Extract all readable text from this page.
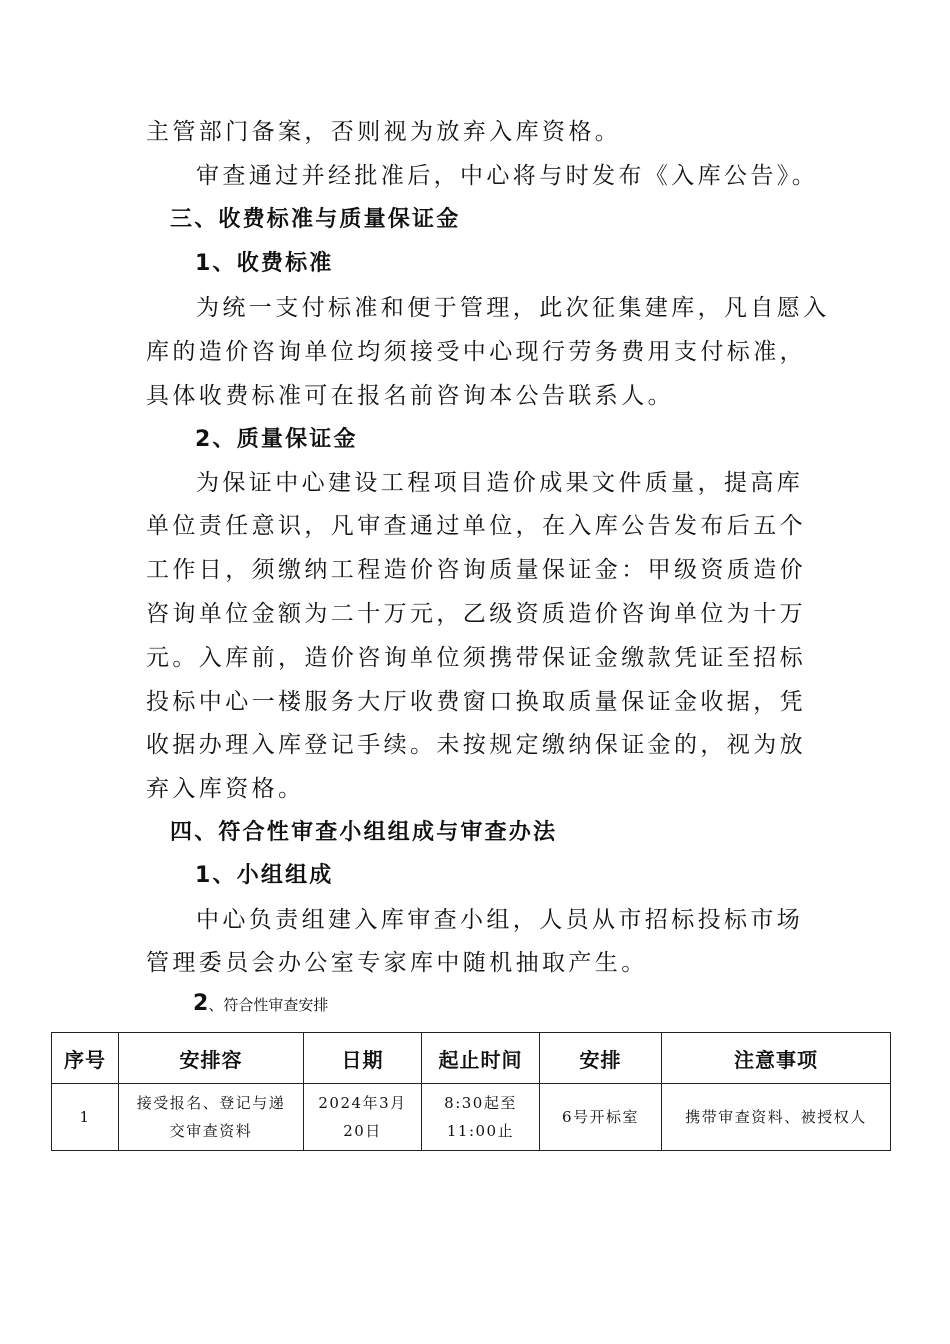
主管部门备案，否则视为放弃入库资格。
审查通过并经批准后，中心将与时发布《入库公告》。
三、收费标准与质量保证金
1、收费标准
为统一支付标准和便于管理，此次征集建库，凡自愿入
库的造价咨询单位均须接受中心现行劳务费用支付标准，
具体收费标准可在报名前咨询本公告联系人。
2、质量保证金
为保证中心建设工程项目造价成果文件质量，提高库
单位责任意识，凡审查通过单位，在入库公告发布后五个
工作日，须缴纳工程造价咨询质量保证金：甲级资质造价
咨询单位金额为二十万元，乙级资质造价咨询单位为十万
元。入库前，造价咨询单位须携带保证金缴款凭证至招标
投标中心一楼服务大厅收费窗口换取质量保证金收据，凭
收据办理入库登记手续。未按规定缴纳保证金的，视为放
弃入库资格。
四、符合性审查小组组成与审查办法
1、小组组成
中心负责组建入库审查小组，人员从市招标投标市场
管理委员会办公室专家库中随机抽取产生。
2、符合性审查安排
序号	安排容	日期	起止时间	安排	注意事项
1	接受报名、登记与递交审查资料	2024年3月20日	8:30起至11:00止	6号开标室	携带审查资料、被授权人
